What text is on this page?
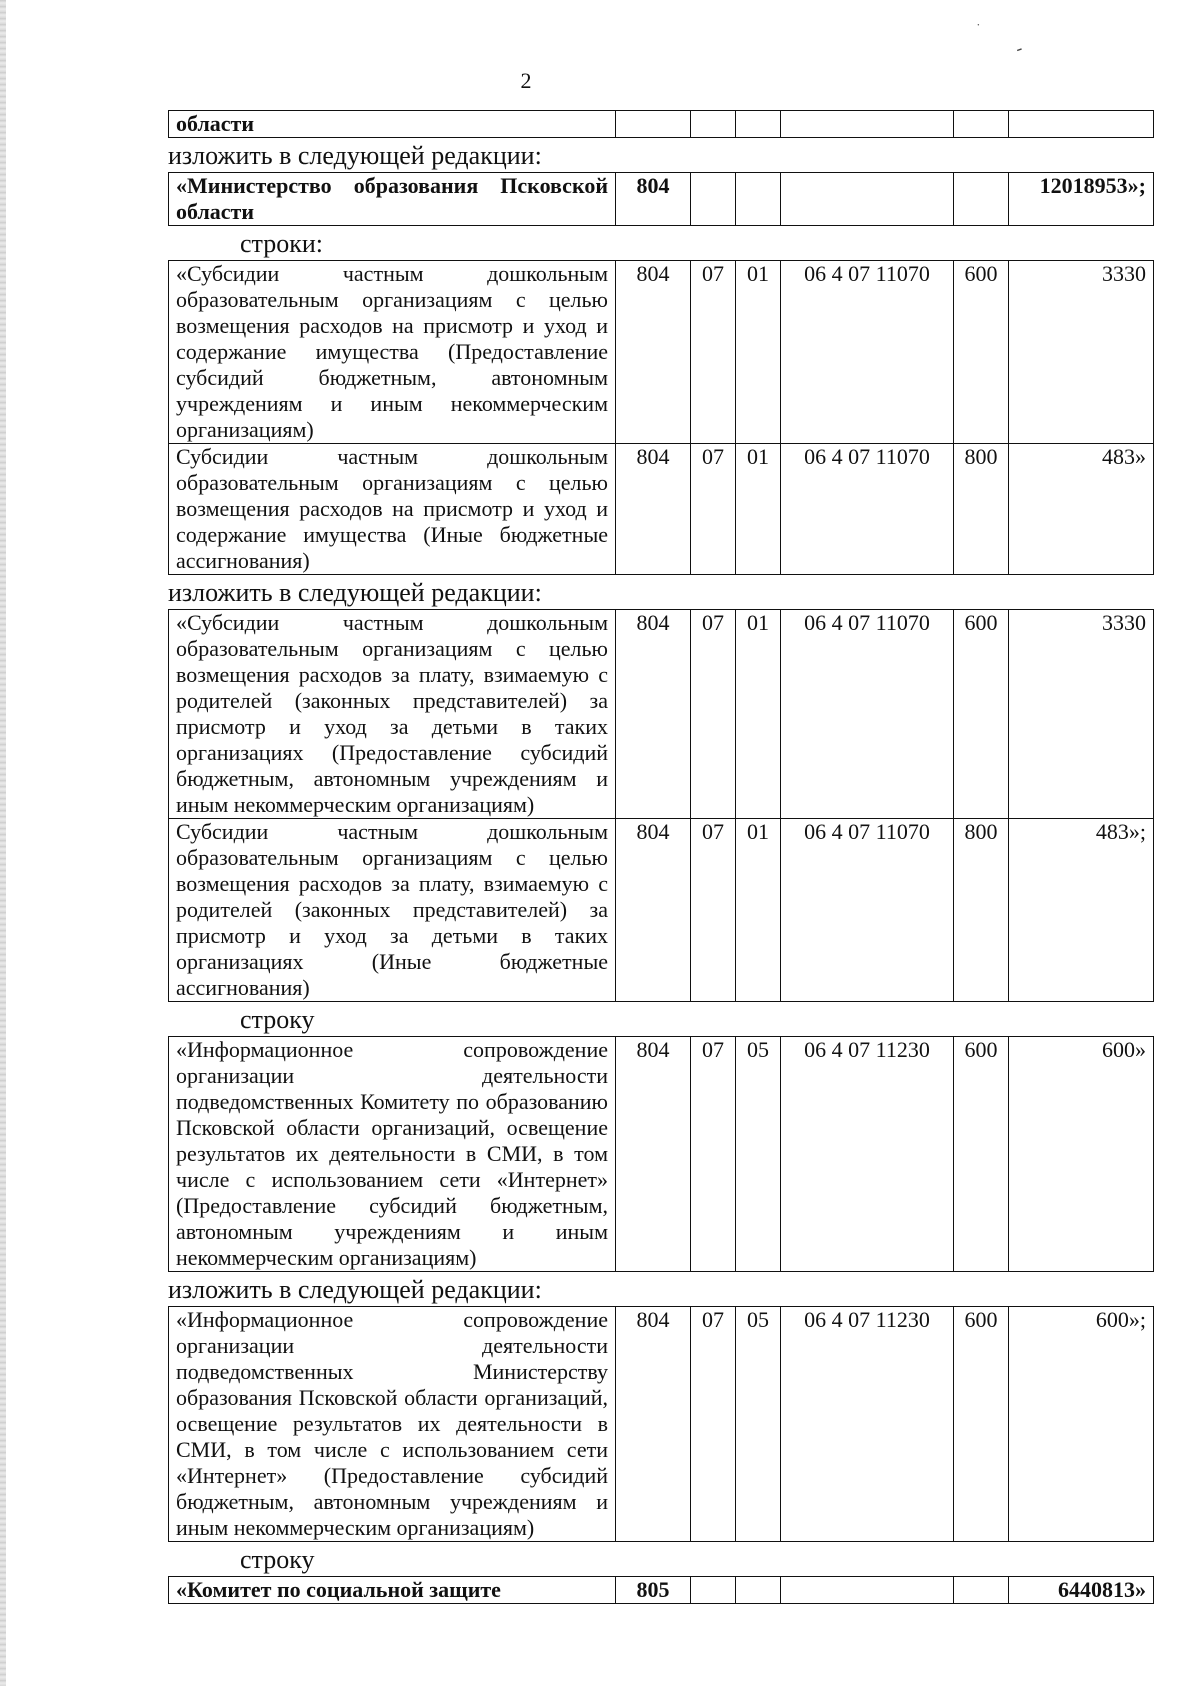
˙
-
2
области						
изложить в следующей редакции:
«Министерство образования Псковской области	804					12018953»;
строки:
«Субсидии частным дошкольным образовательным организациям с целью возмещения расходов на присмотр и уход и содержание имущества (Предоставление субсидий бюджетным, автономным учреждениям и иным некоммерческим организациям)	804	07	01	06 4 07 11070	600	3330
Субсидии частным дошкольным образовательным организациям с целью возмещения расходов на присмотр и уход и содержание имущества (Иные бюджетные ассигнования)	804	07	01	06 4 07 11070	800	483»
изложить в следующей редакции:
«Субсидии частным дошкольным образовательным организациям с целью возмещения расходов за плату, взимаемую с родителей (законных представителей) за присмотр и уход за детьми в таких организациях (Предоставление субсидий бюджетным, автономным учреждениям и иным некоммерческим организациям)	804	07	01	06 4 07 11070	600	3330
Субсидии частным дошкольным образовательным организациям с целью возмещения расходов за плату, взимаемую с родителей (законных представителей) за присмотр и уход за детьми в таких организациях (Иные бюджетные ассигнования)	804	07	01	06 4 07 11070	800	483»;
строку
«Информационное сопровождение организации деятельности подведомственных Комитету по образованию Псковской области организаций, освещение результатов их деятельности в СМИ, в том числе с использованием сети «Интернет» (Предоставление субсидий бюджетным, автономным учреждениям и иным некоммерческим организациям)	804	07	05	06 4 07 11230	600	600»
изложить в следующей редакции:
«Информационное сопровождение организации деятельности подведомственных Министерству образования Псковской области организаций, освещение результатов их деятельности в СМИ, в том числе с использованием сети «Интернет» (Предоставление субсидий бюджетным, автономным учреждениям и иным некоммерческим организациям)	804	07	05	06 4 07 11230	600	600»;
строку
«Комитет по социальной защите	805					6440813»
